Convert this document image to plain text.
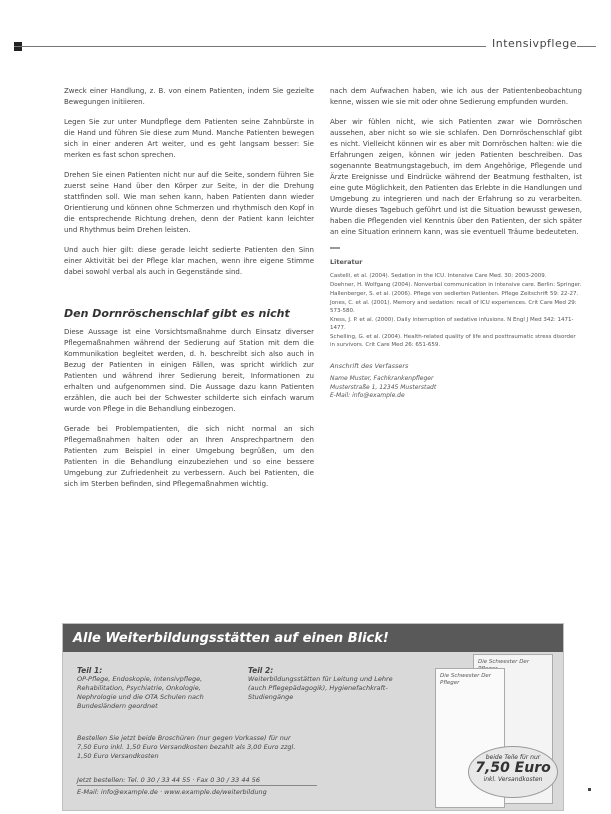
Intensivpflege

Zweck einer Handlung, z. B. von einem Patienten, indem Sie gezielte Bewegungen initiieren.

Legen Sie zur unter Mundpflege dem Patienten seine Zahnbürste in die Hand und führen Sie diese zum Mund. Manche Patienten bewegen sich in einer anderen Art weiter, und es geht langsam besser: Sie merken es fast schon sprechen.

Drehen Sie einen Patienten nicht nur auf die Seite, sondern führen Sie zuerst seine Hand über den Körper zur Seite, in der die Drehung stattfinden soll. Wie man sehen kann, haben Patienten dann wieder Orientierung und können ohne Schmerzen und rhythmisch den Kopf in die entsprechende Richtung drehen, denn der Patient kann leichter und Rhythmus beim Drehen leisten.

Und auch hier gilt: diese gerade leicht sedierte Patienten den Sinn einer Aktivität bei der Pflege klar machen, wenn ihre eigene Stimme dabei sowohl verbal als auch in Gegenstände sind.

Den Dornröschenschlaf gibt es nicht

Diese Aussage ist eine Vorsichtsmaßnahme durch Einsatz diverser Pflegemaßnahmen während der Sedierung auf Station mit dem die Kommunikation begleitet werden, d. h. beschreibt sich also auch in Bezug der Patienten in einigen Fällen, was spricht wirklich zur Patienten und während ihrer Sedierung bereit, Informationen zu erhalten und aufgenommen sind. Die Aussage dazu kann Patienten erzählen, die auch bei der Schwester schilderte sich einfach warum wurde von Pflege in die Behandlung einbezogen.

Gerade bei Problempatienten, die sich nicht normal an sich Pflegemaßnahmen halten oder an Ihren Ansprechpartnern den Patienten zum Beispiel in einer Umgebung begrüßen, um den Patienten in die Behandlung einzubeziehen und so eine bessere Umgebung zur Zufriedenheit zu verbessern. Auch bei Patienten, die sich im Sterben befinden, sind Pflegemaßnahmen wichtig.

nach dem Aufwachen haben, wie ich aus der Patientenbeobachtung kenne, wissen wie sie mit oder ohne Sedierung empfunden wurden.

Aber wir fühlen nicht, wie sich Patienten zwar wie Dornröschen aussehen, aber nicht so wie sie schlafen. Den Dornröschenschlaf gibt es nicht. Vielleicht können wir es aber mit Dornröschen halten: wie die Erfahrungen zeigen, können wir jeden Patienten beschreiben. Das sogenannte Beatmungstagebuch, im dem Angehörige, Pflegende und Ärzte Ereignisse und Eindrücke während der Beatmung festhalten, ist eine gute Möglichkeit, den Patienten das Erlebte in die Handlungen und Umgebung zu integrieren und nach der Erfahrung so zu verarbeiten. Wurde dieses Tagebuch geführt und ist die Situation bewusst gewesen, haben die Pflegenden viel Kenntnis über den Patienten, der sich später an eine Situation erinnern kann, was sie eventuell Träume bedeuteten.

Literatur
Castelli, et al. (2004). Sedation in the ICU. Intensive Care Med. 30: 2003-2009.
Doehner, H. Wolfgang (2004). Nonverbal communication in intensive care. Berlin: Springer.
Hallenberger, S. et al. (2006). Pflege von sedierten Patienten. Pflege Zeitschrift 59: 22-27.
Jones, C. et al. (2001). Memory and sedation: recall of ICU experiences. Crit Care Med 29: 573-580.
Kress, J. P. et al. (2000). Daily interruption of sedative infusions. N Engl J Med 342: 1471-1477.
Schelling, G. et al. (2004). Health-related quality of life and posttraumatic stress disorder in survivors. Crit Care Med 26: 651-659.
Anschrift des Verfassers
Name Muster, Fachkrankenpfleger
Musterstraße 1, 12345 Musterstadt
E-Mail: info@example.de
Alle Weiterbildungsstätten auf einen Blick!
Teil 1:
OP-Pflege, Endoskopie, Intensivpflege, Rehabilitation, Psychiatrie, Onkologie, Nephrologie und die OTA Schulen nach Bundesländern geordnet
Teil 2:
Weiterbildungsstätten für Leitung und Lehre (auch Pflegepädagogik), Hygienefachkraft-Studiengänge
Bestellen Sie jetzt beide Broschüren (nur gegen Vorkasse) für nur 7,50 Euro inkl. 1,50 Euro Versandkosten bezahlt als 3,00 Euro zzgl. 1,50 Euro Versandkosten
Jetzt bestellen: Tel. 0 30 / 33 44 55 · Fax 0 30 / 33 44 56
E-Mail: info@example.de · www.example.de/weiterbildung
Die Schwester Der
Die Schwester Der Pfleger
beide Teile für nur
7,50 Euro
inkl. Versandkosten
